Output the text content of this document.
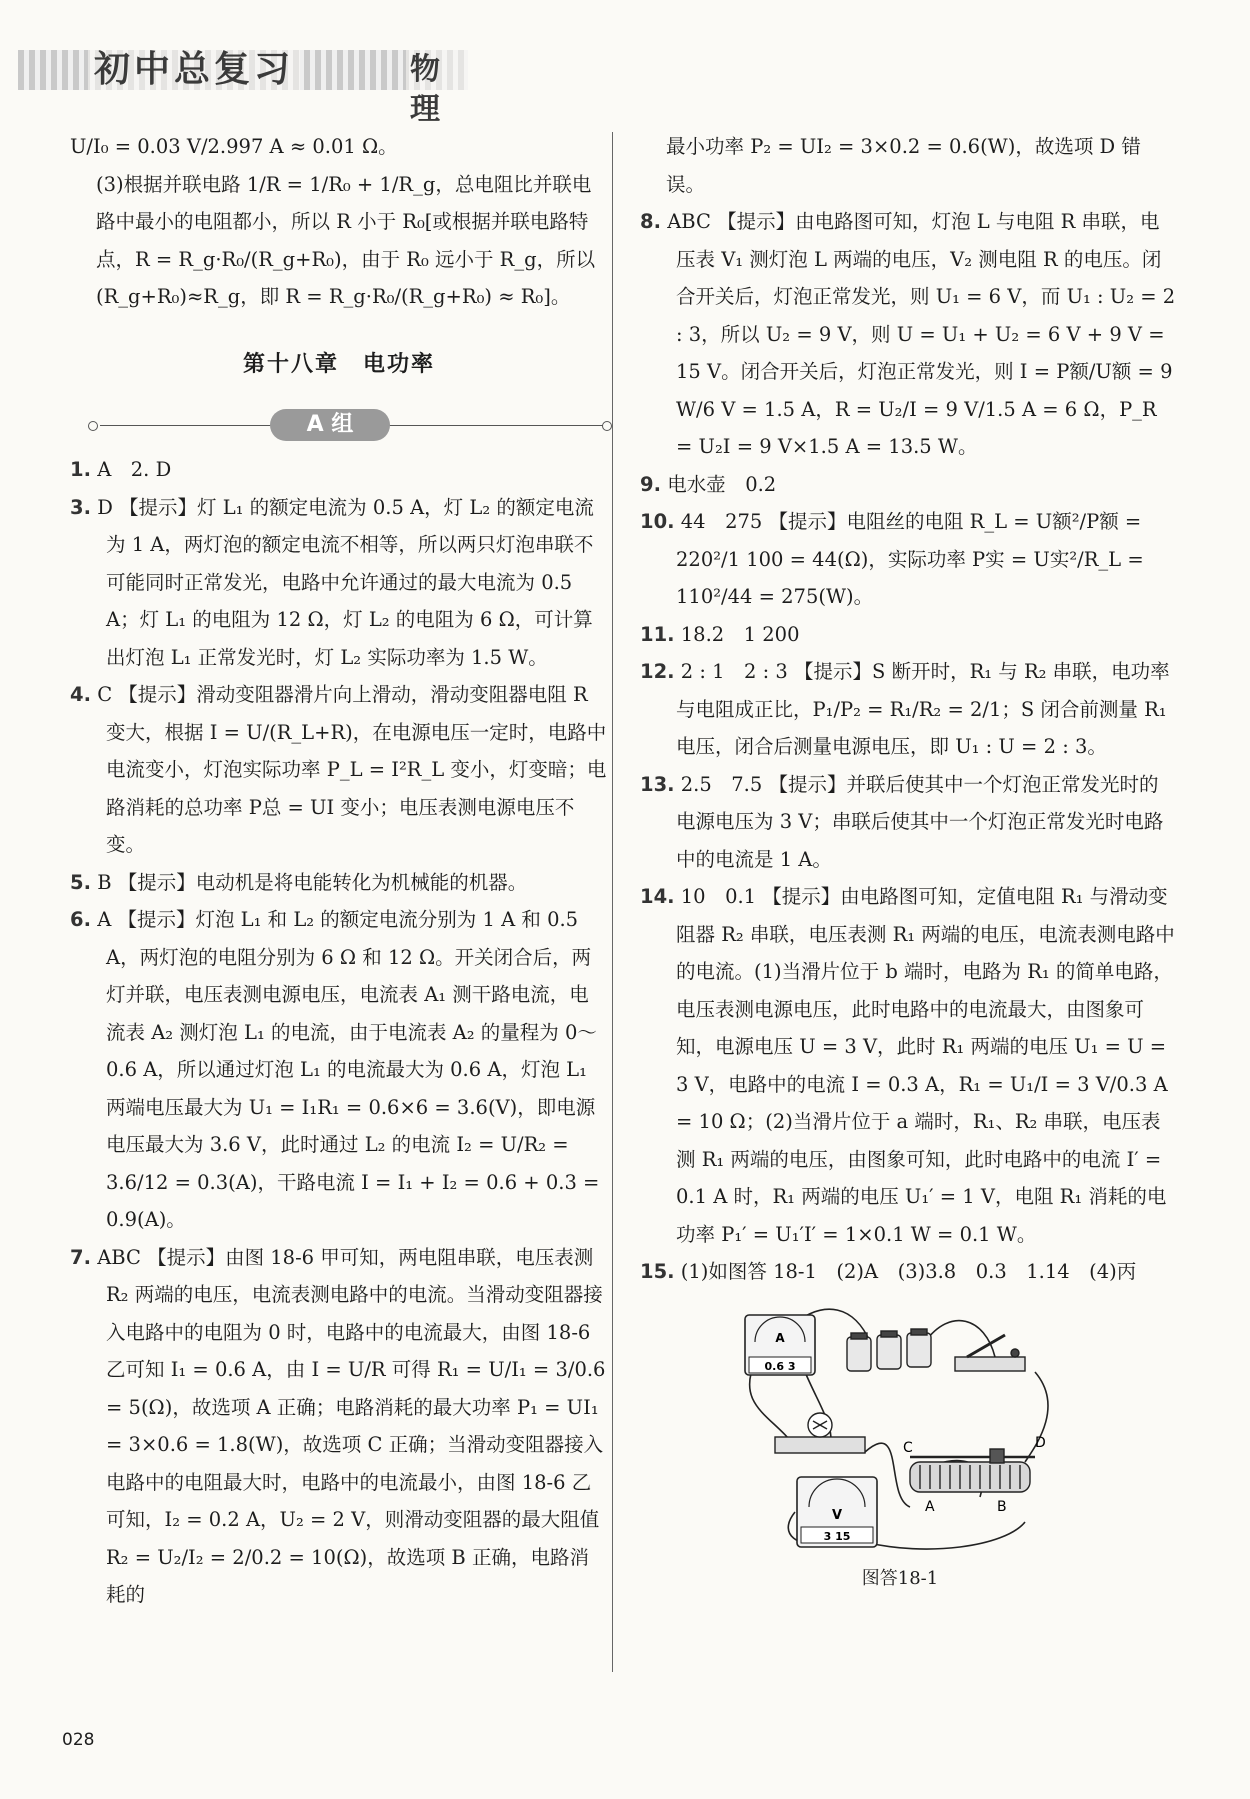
初中总复习	物理

U/I₀ = 0.03 V/2.997 A ≈ 0.01 Ω。

(3)根据并联电路 1/R = 1/R₀ + 1/R_g，总电阻比并联电路中最小的电阻都小，所以 R 小于 R₀[或根据并联电路特点，R = R_g·R₀/(R_g+R₀)，由于 R₀ 远小于 R_g，所以(R_g+R₀)≈R_g，即 R = R_g·R₀/(R_g+R₀) ≈ R₀]。

第十八章　电功率
A 组

1. A　2. D

3. D 【提示】灯 L₁ 的额定电流为 0.5 A，灯 L₂ 的额定电流为 1 A，两灯泡的额定电流不相等，所以两只灯泡串联不可能同时正常发光，电路中允许通过的最大电流为 0.5 A；灯 L₁ 的电阻为 12 Ω，灯 L₂ 的电阻为 6 Ω，可计算出灯泡 L₁ 正常发光时，灯 L₂ 实际功率为 1.5 W。

4. C 【提示】滑动变阻器滑片向上滑动，滑动变阻器电阻 R 变大，根据 I = U/(R_L+R)，在电源电压一定时，电路中电流变小，灯泡实际功率 P_L = I²R_L 变小，灯变暗；电路消耗的总功率 P总 = UI 变小；电压表测电源电压不变。

5. B 【提示】电动机是将电能转化为机械能的机器。

6. A 【提示】灯泡 L₁ 和 L₂ 的额定电流分别为 1 A 和 0.5 A，两灯泡的电阻分别为 6 Ω 和 12 Ω。开关闭合后，两灯并联，电压表测电源电压，电流表 A₁ 测干路电流，电流表 A₂ 测灯泡 L₁ 的电流，由于电流表 A₂ 的量程为 0～0.6 A，所以通过灯泡 L₁ 的电流最大为 0.6 A，灯泡 L₁ 两端电压最大为 U₁ = I₁R₁ = 0.6×6 = 3.6(V)，即电源电压最大为 3.6 V，此时通过 L₂ 的电流 I₂ = U/R₂ = 3.6/12 = 0.3(A)，干路电流 I = I₁ + I₂ = 0.6 + 0.3 = 0.9(A)。

7. ABC 【提示】由图 18-6 甲可知，两电阻串联，电压表测 R₂ 两端的电压，电流表测电路中的电流。当滑动变阻器接入电路中的电阻为 0 时，电路中的电流最大，由图 18-6 乙可知 I₁ = 0.6 A，由 I = U/R 可得 R₁ = U/I₁ = 3/0.6 = 5(Ω)，故选项 A 正确；电路消耗的最大功率 P₁ = UI₁ = 3×0.6 = 1.8(W)，故选项 C 正确；当滑动变阻器接入电路中的电阻最大时，电路中的电流最小，由图 18-6 乙可知，I₂ = 0.2 A，U₂ = 2 V，则滑动变阻器的最大阻值 R₂ = U₂/I₂ = 2/0.2 = 10(Ω)，故选项 B 正确，电路消耗的

最小功率 P₂ = UI₂ = 3×0.2 = 0.6(W)，故选项 D 错误。

8. ABC 【提示】由电路图可知，灯泡 L 与电阻 R 串联，电压表 V₁ 测灯泡 L 两端的电压，V₂ 测电阻 R 的电压。闭合开关后，灯泡正常发光，则 U₁ = 6 V，而 U₁ : U₂ = 2 : 3，所以 U₂ = 9 V，则 U = U₁ + U₂ = 6 V + 9 V = 15 V。闭合开关后，灯泡正常发光，则 I = P额/U额 = 9 W/6 V = 1.5 A，R = U₂/I = 9 V/1.5 A = 6 Ω，P_R = U₂I = 9 V×1.5 A = 13.5 W。

9. 电水壶　0.2

10. 44　275 【提示】电阻丝的电阻 R_L = U额²/P额 = 220²/1 100 = 44(Ω)，实际功率 P实 = U实²/R_L = 110²/44 = 275(W)。

11. 18.2　1 200

12. 2 : 1　2 : 3 【提示】S 断开时，R₁ 与 R₂ 串联，电功率与电阻成正比，P₁/P₂ = R₁/R₂ = 2/1；S 闭合前测量 R₁ 电压，闭合后测量电源电压，即 U₁ : U = 2 : 3。

13. 2.5　7.5 【提示】并联后使其中一个灯泡正常发光时的电源电压为 3 V；串联后使其中一个灯泡正常发光时电路中的电流是 1 A。

14. 10　0.1 【提示】由电路图可知，定值电阻 R₁ 与滑动变阻器 R₂ 串联，电压表测 R₁ 两端的电压，电流表测电路中的电流。(1)当滑片位于 b 端时，电路为 R₁ 的简单电路，电压表测电源电压，此时电路中的电流最大，由图象可知，电源电压 U = 3 V，此时 R₁ 两端的电压 U₁ = U = 3 V，电路中的电流 I = 0.3 A，R₁ = U₁/I = 3 V/0.3 A = 10 Ω；(2)当滑片位于 a 端时，R₁、R₂ 串联，电压表测 R₁ 两端的电压，由图象可知，此时电路中的电流 I′ = 0.1 A 时，R₁ 两端的电压 U₁′ = 1 V，电阻 R₁ 消耗的电功率 P₁′ = U₁′I′ = 1×0.1 W = 0.1 W。

15. (1)如图答 18-1　(2)A　(3)3.8　0.3　1.14　(4)丙

A
0.6 3
C	D
A	B
V
3 15
图答18-1
028
